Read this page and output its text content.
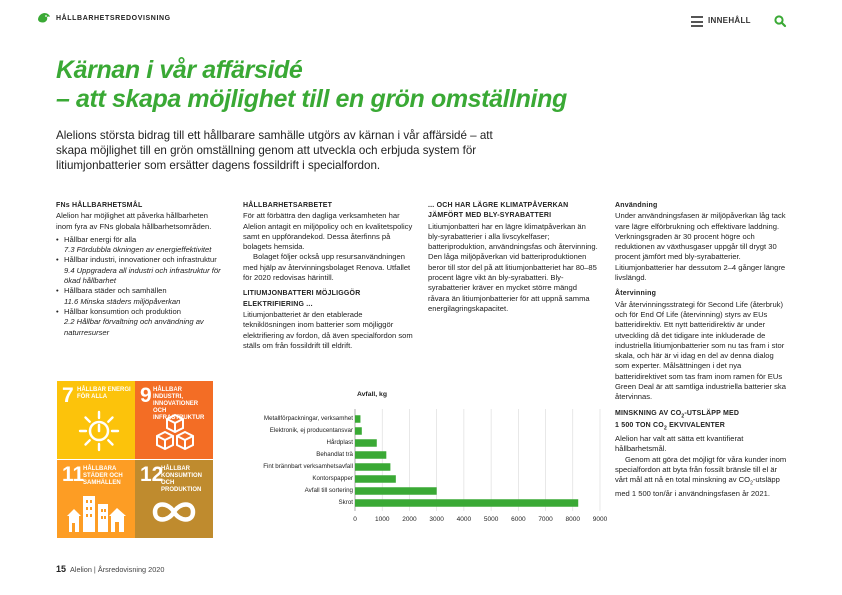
HÅLLBARHETSREDOVISNING	INNEHÅLL
Kärnan i vår affärsidé
– att skapa möjlighet till en grön omställning
Alelions största bidrag till ett hållbarare samhälle utgörs av kärnan i vår affärsidé – att skapa möjlighet till en grön omställning genom att utveckla och erbjuda system för litiumjonbatterier som ersätter dagens fossildrift i specialfordon.
FNs HÅLLBARHETSMÅL

Alelion har möjlighet att påverka hållbarheten inom fyra av FNs globala hållbarhetsområden.

• Hållbar energi för alla
7.3 Fördubbla ökningen av energieffektivitet
• Hållbar industri, innovationer och infrastruktur
9.4 Uppgradera all industri och infrastruktur för ökad hållbarhet
• Hållbara städer och samhällen
11.6 Minska städers miljöpåverkan
• Hållbar konsumtion och produktion
2.2 Hållbar förvaltning och användning av naturresurser
HÅLLBARHETSARBETET

För att förbättra den dagliga verksamheten har Alelion antagit en miljöpolicy och en kvalitetspolicy samt en uppförandekod. Dessa återfinns på bolagets hemsida.

Bolaget följer också upp resursanvändningen med hjälp av återvinningsbolaget Renova. Utfallet för 2020 redovisas härintill.

LITIUMJONBATTERI MÖJLIGGÖR ELEKTRIFIERING ...

Litiumjonbatteriet är den etablerade tekniklösningen inom batterier som möjliggör elektrifiering av fordon, då även specialfordon som ställs om från fossildrift till eldrift.

... OCH HAR LÄGRE KLIMATPÅVERKAN JÄMFÖRT MED BLY-SYRABATTERI

Litiumjonbatteri har en lägre klimatpåverkan än bly-syrabatterier i alla livscykelfaser; batteriproduktion, användningsfas och återvinning. Den låga miljöpåverkan vid batteriproduktionen beror till stor del på att litiumjonbatteriet har 80–85 procent lägre vikt än bly-syrabatteri. Bly-syrabatterier kräver en mycket större mängd råvara än litiumjonbatterier för att uppnå samma energilagringskapacitet.

Användning

Under användningsfasen är miljöpåverkan låg tack vare lägre elförbrukning och effektivare laddning. Verkningsgraden är 30 procent högre och reduktionen av växthusgaser uppgår till drygt 30 procent jämfört med bly-syrabatterier. Litiumjonbatterier har dessutom 2–4 gånger längre livslängd.

Återvinning

Vår återvinningsstrategi för Second Life (återbruk) och för End Of Life (återvinning) styrs av EUs batteridirektiv. Ett nytt batteridirektiv är under utveckling då det tidigare inte inkluderade de industriella litiumjonbatterier som nu tas fram i stor skala, och här är vi idag en del av denna dialog som experter. Målsättningen i det nya batteridirektivet som tas fram inom ramen för EUs Green Deal är att samtliga industriella batterier ska återvinnas.

MINSKNING AV $CO_2$-UTSLÄPP MED
1 500 TON $CO_2$ EKVIVALENTER

Alelion har valt att sätta ett kvantifierat hållbarhetsmål.

Genom att göra det möjligt för våra kunder inom specialfordon att byta från fossilt bränsle till el är vårt mål att nå en total minskning av $CO_2$-utsläpp med 1 500 ton/år i användningsfasen år 2021.

7 HÅLLBAR ENERGI FÖR ALLA	9 HÅLLBAR INDUSTRI, INNOVATIONER OCH INFRASTRUKTUR
11
HÅLLBARA STÄDER OCH SAMHÄLLEN 12
HÅLLBAR KONSUMTION OCH PRODUKTION
Avfall, kg
Metallförpackningar, verksamhet
Elektronik, ej producentansvar
Hårdplast
Behandlat trä
Fint brännbart verksamhetsavfall
Kontorspapper
Avfall till sortering
Skrot
0	1000 2000 3000 4000 5000 6000 7000 8000 9000
15 Alelion | Årsredovisning 2020
